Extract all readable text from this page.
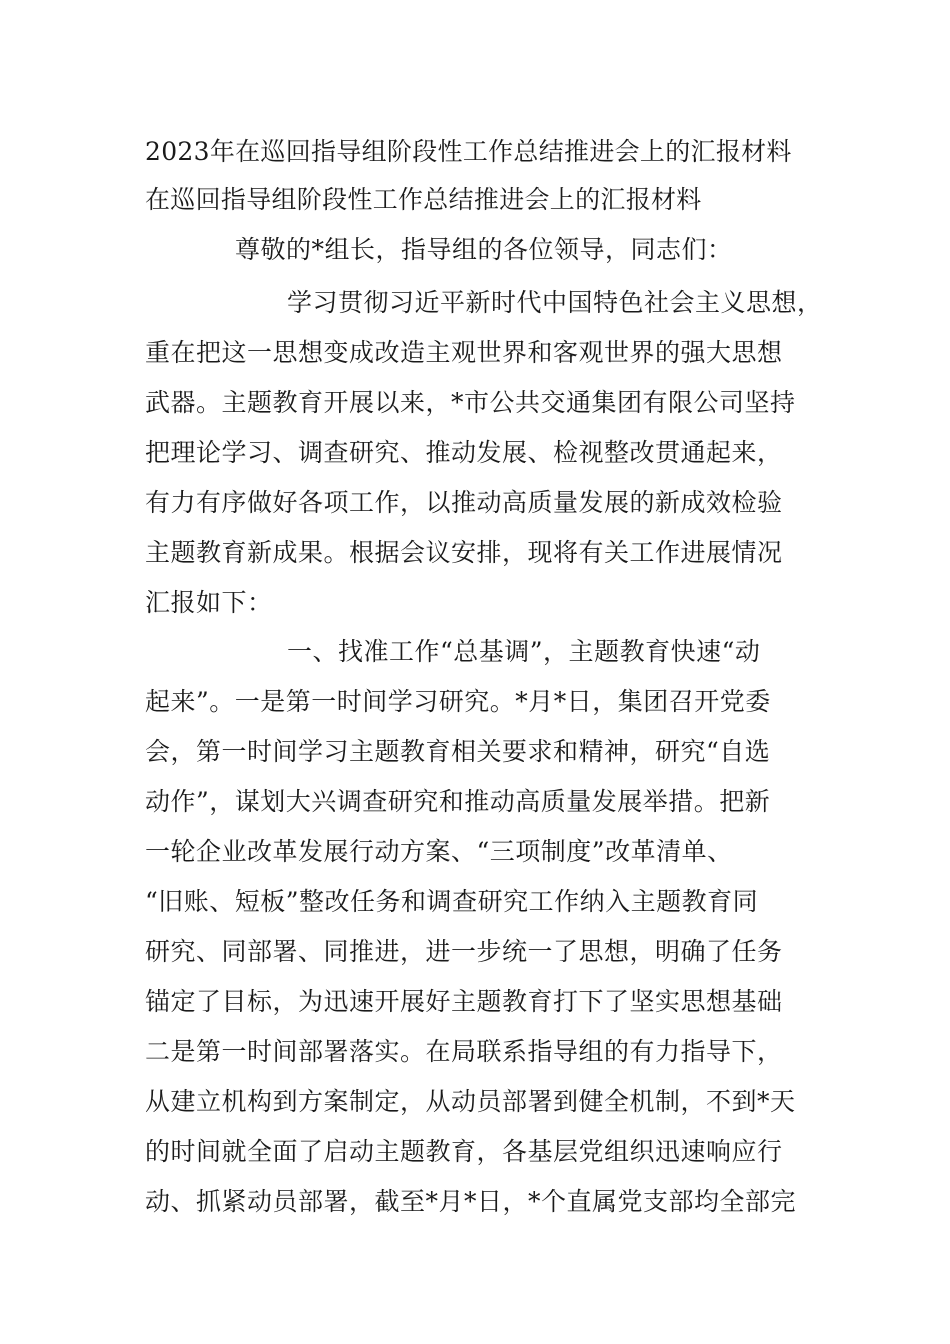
2023年在巡回指导组阶段性工作总结推进会上的汇报材料
在巡回指导组阶段性工作总结推进会上的汇报材料
尊敬的*组长，指导组的各位领导，同志们：
学习贯彻习近平新时代中国特色社会主义思想，
重在把这一思想变成改造主观世界和客观世界的强大思想
武器。主题教育开展以来，*市公共交通集团有限公司坚持
把理论学习、调查研究、推动发展、检视整改贯通起来，
有力有序做好各项工作，以推动高质量发展的新成效检验
主题教育新成果。根据会议安排，现将有关工作进展情况
汇报如下：
一、找准工作“总基调”，主题教育快速“动
起来”。一是第一时间学习研究。*月*日，集团召开党委
会，第一时间学习主题教育相关要求和精神，研究“自选
动作”，谋划大兴调查研究和推动高质量发展举措。把新
一轮企业改革发展行动方案、“三项制度”改革清单、
“旧账、短板”整改任务和调查研究工作纳入主题教育同
研究、同部署、同推进，进一步统一了思想，明确了任务
锚定了目标，为迅速开展好主题教育打下了坚实思想基础
二是第一时间部署落实。在局联系指导组的有力指导下，
从建立机构到方案制定，从动员部署到健全机制，不到*天
的时间就全面了启动主题教育，各基层党组织迅速响应行
动、抓紧动员部署，截至*月*日，*个直属党支部均全部完
